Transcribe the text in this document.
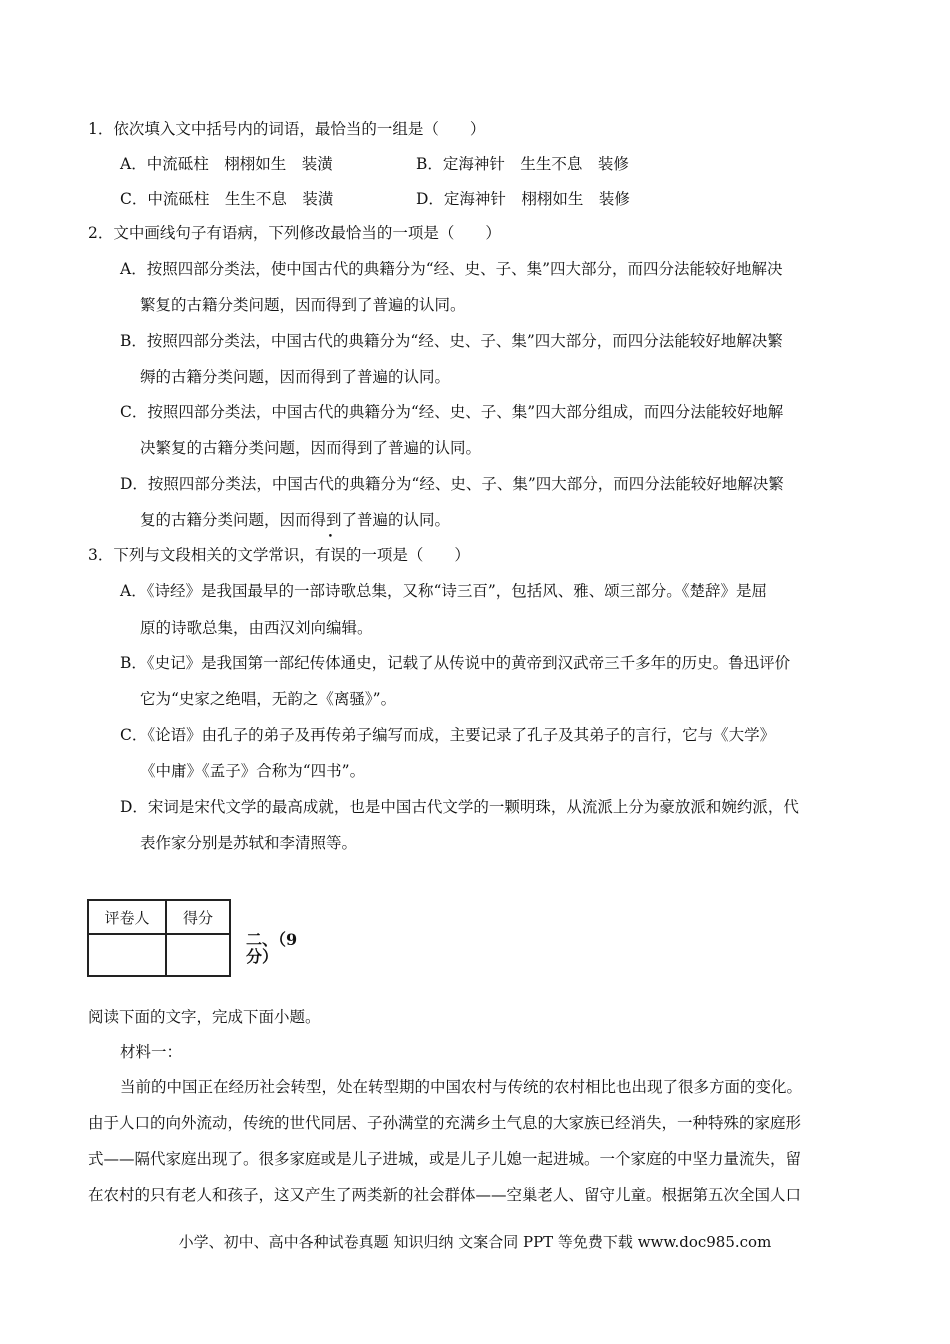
1．依次填入文中括号内的词语，最恰当的一组是（　　）
A．中流砥柱　栩栩如生　装潢	B．定海神针　生生不息　装修
C．中流砥柱　生生不息　装潢	D．定海神针　栩栩如生　装修
2．文中画线句子有语病，下列修改最恰当的一项是（　　）
A．按照四部分类法，使中国古代的典籍分为“经、史、子、集”四大部分，而四分法能较好地解决
繁复的古籍分类问题，因而得到了普遍的认同。
B．按照四部分类法，中国古代的典籍分为“经、史、子、集”四大部分，而四分法能较好地解决繁
缛的古籍分类问题，因而得到了普遍的认同。
C．按照四部分类法，中国古代的典籍分为“经、史、子、集”四大部分组成，而四分法能较好地解
决繁复的古籍分类问题，因而得到了普遍的认同。
D．按照四部分类法，中国古代的典籍分为“经、史、子、集”四大部分，而四分法能较好地解决繁
复的古籍分类问题，因而得到了普遍的认同。
3．下列与文段相关的文学常识，有误的一项是（　　）
A．《诗经》是我国最早的一部诗歌总集，又称“诗三百”，包括风、雅、颂三部分。《楚辞》是屈
原的诗歌总集，由西汉刘向编辑。
B．《史记》是我国第一部纪传体通史，记载了从传说中的黄帝到汉武帝三千多年的历史。鲁迅评价
它为“史家之绝唱，无韵之《离骚》”。
C．《论语》由孔子的弟子及再传弟子编写而成，主要记录了孔子及其弟子的言行，它与《大学》
《中庸》《孟子》合称为“四书”。
D．宋词是宋代文学的最高成就，也是中国古代文学的一颗明珠，从流派上分为豪放派和婉约派，代
表作家分别是苏轼和李清照等。
评卷人	得分

二、（9 分）
阅读下面的文字，完成下面小题。
材料一：
当前的中国正在经历社会转型，处在转型期的中国农村与传统的农村相比也出现了很多方面的变化。
由于人口的向外流动，传统的世代同居、子孙满堂的充满乡土气息的大家族已经消失，一种特殊的家庭形
式——隔代家庭出现了。很多家庭或是儿子进城，或是儿子儿媳一起进城。一个家庭的中坚力量流失，留
在农村的只有老人和孩子，这又产生了两类新的社会群体——空巢老人、留守儿童。根据第五次全国人口
小学、初中、高中各种试卷真题 知识归纳 文案合同 PPT 等免费下载 www.doc985.com
